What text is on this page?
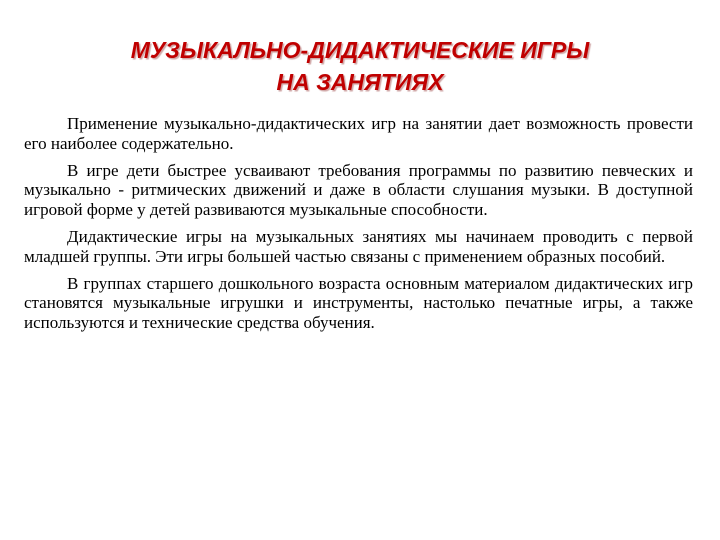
МУЗЫКАЛЬНО-ДИДАКТИЧЕСКИЕ ИГРЫ
НА ЗАНЯТИЯХ

Применение музыкально-дидактических игр на занятии дает возможность провести его наиболее содержательно.

В игре дети быстрее усваивают требования программы по развитию певческих и музыкально - ритмических движений и даже в области слушания музыки. В доступной игровой форме у детей развиваются музыкальные способности.

Дидактические игры на музыкальных занятиях мы начинаем проводить с первой младшей группы. Эти игры большей частью связаны с применением образных пособий.

В группах старшего дошкольного возраста основным материалом дидактических игр становятся музыкальные игрушки и инструменты, настолько печатные игры, а также используются и технические средства обучения.
